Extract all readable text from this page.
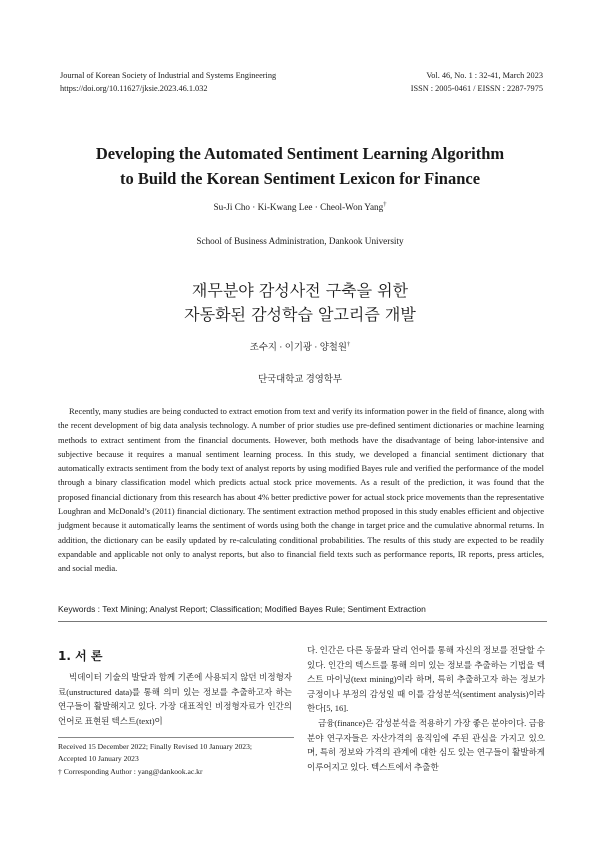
Journal of Korean Society of Industrial and Systems Engineering
https://doi.org/10.11627/jksie.2023.46.1.032
Vol. 46, No. 1 : 32-41, March 2023
ISSN : 2005-0461 / EISSN : 2287-7975
Developing the Automated Sentiment Learning Algorithm
to Build the Korean Sentiment Lexicon for Finance
Su-Ji Cho · Ki-Kwang Lee · Cheol-Won Yang†
School of Business Administration, Dankook University
재무분야 감성사전 구축을 위한
자동화된 감성학습 알고리즘 개발
조수지 · 이기광 · 양철원†
단국대학교 경영학부

Recently, many studies are being conducted to extract emotion from text and verify its information power in the field of finance, along with the recent development of big data analysis technology. A number of prior studies use pre-defined sentiment dictionaries or machine learning methods to extract sentiment from the financial documents. However, both methods have the disadvantage of being labor-intensive and subjective because it requires a manual sentiment learning process. In this study, we developed a financial sentiment dictionary that automatically extracts sentiment from the body text of analyst reports by using modified Bayes rule and verified the performance of the model through a binary classification model which predicts actual stock price movements. As a result of the prediction, it was found that the proposed financial dictionary from this research has about 4% better predictive power for actual stock price movements than the representative Loughran and McDonald’s (2011) financial dictionary. The sentiment extraction method proposed in this study enables efficient and objective judgment because it automatically learns the sentiment of words using both the change in target price and the cumulative abnormal returns. In addition, the dictionary can be easily updated by re-calculating conditional probabilities. The results of this study are expected to be readily expandable and applicable not only to analyst reports, but also to financial field texts such as performance reports, IR reports, press articles, and social media.

Keywords : Text Mining; Analyst Report; Classification; Modified Bayes Rule; Sentiment Extraction
1. 서 론

빅데이터 기술의 발달과 함께 기존에 사용되지 않던 비정형자료(unstructured data)를 통해 의미 있는 정보를 추출하고자 하는 연구들이 활발해지고 있다. 가장 대표적인 비정형자료가 인간의 언어로 표현된 텍스트(text)이

다. 인간은 다른 동물과 달리 언어를 통해 자신의 정보를 전달할 수 있다. 인간의 텍스트를 통해 의미 있는 정보를 추출하는 기법을 텍스트 마이닝(text mining)이라 하며, 특히 추출하고자 하는 정보가 긍정이나 부정의 감성일 때 이를 감성분석(sentiment analysis)이라 한다[5, 16].

금융(finance)은 감성분석을 적용하기 가장 좋은 분야이다. 금융분야 연구자들은 자산가격의 움직임에 주된 관심을 가지고 있으며, 특히 정보와 가격의 관계에 대한 심도 있는 연구들이 활발하게 이루어지고 있다. 텍스트에서 추출한

Received 15 December 2022; Finally Revised 10 January 2023;
Accepted 10 January 2023
† Corresponding Author : yang@dankook.ac.kr
